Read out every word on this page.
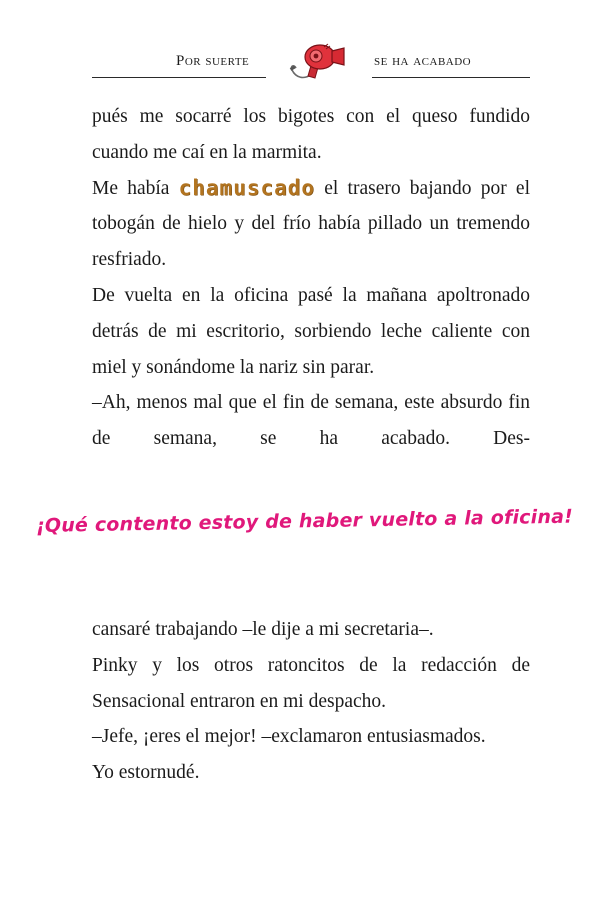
Por suerte	se ha acabado

pués me socarré los bigotes con el queso fundido cuando me caí en la marmita.

Me había chamuscado el trasero bajando por el tobogán de hielo y del frío había pillado un tremendo resfriado.

De vuelta en la oficina pasé la mañana apoltronado detrás de mi escritorio, sorbiendo leche caliente con miel y sonándome la nariz sin parar.

–Ah, menos mal que el fin de semana, este absurdo fin de semana, se ha acabado. Des-

¡Qué contento estoy de haber vuelto a la oficina!

cansaré trabajando –le dije a mi secretaria–.

Pinky y los otros ratoncitos de la redacción de Sensacional entraron en mi despacho.

–Jefe, ¡eres el mejor! –exclamaron entusiasmados.

Yo estornudé.
